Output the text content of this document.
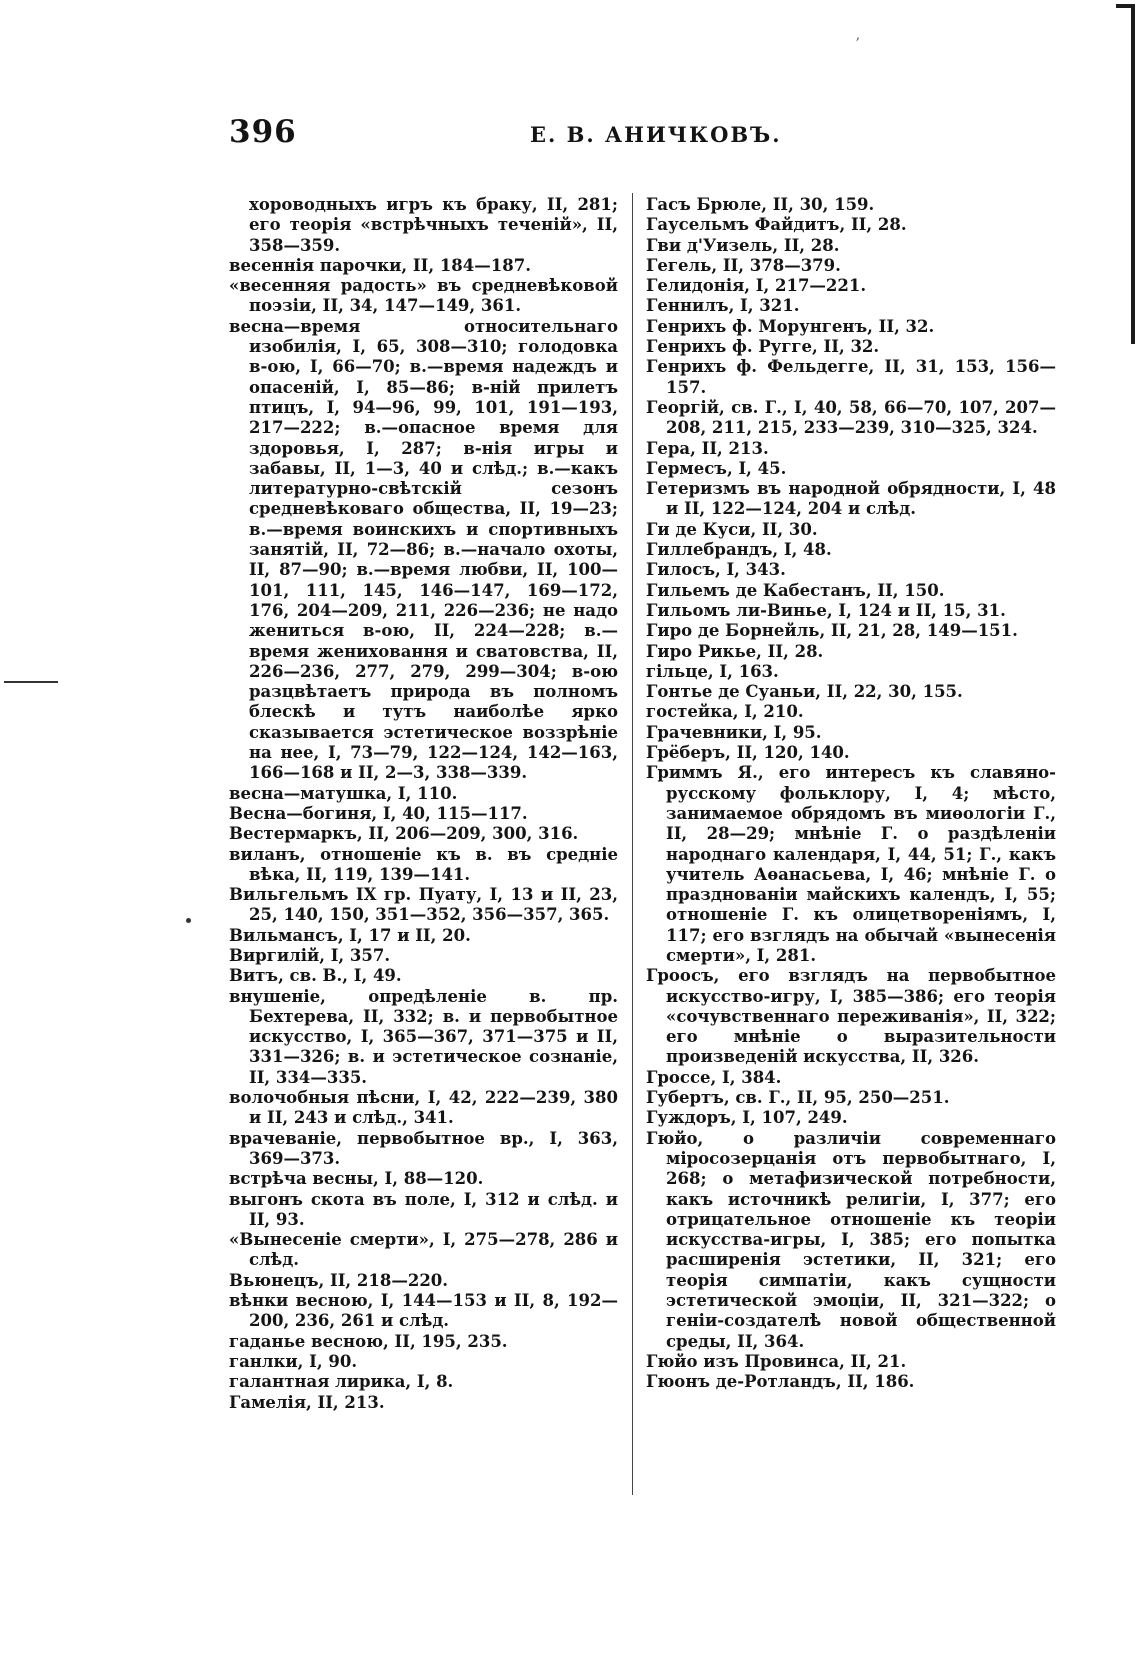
ʼ
396	Е. В. АНИЧКОВЪ.

хороводныхъ игръ къ браку, II, 281; его теорія «встрѣчныхъ теченій», II, 358—359.

весеннія парочки, II, 184—187.

«весенняя радость» въ средневѣковой поэзіи, II, 34, 147—149, 361.

весна—время относительнаго изобилія, I, 65, 308—310; голодовка в-ою, I, 66—70; в.—время надеждъ и опасеній, I, 85—86; в-ній прилетъ птицъ, I, 94—96, 99, 101, 191—193, 217—222; в.—опасное время для здоровья, I, 287; в-нія игры и забавы, II, 1—3, 40 и слѣд.; в.—какъ литературно-свѣтскій сезонъ средневѣковаго общества, II, 19—23; в.—время воинскихъ и спортивныхъ занятій, II, 72—86; в.—начало охоты, II, 87—90; в.—время любви, II, 100—101, 111, 145, 146—147, 169—172, 176, 204—209, 211, 226—236; не надо жениться в-ою, II, 224—228; в.—время жениховання и сватовства, II, 226—236, 277, 279, 299—304; в-ою разцвѣтаетъ природа въ полномъ блескѣ и тутъ наиболѣе ярко сказывается эстетическое воззрѣніе на нее, I, 73—79, 122—124, 142—163, 166—168 и II, 2—3, 338—339.

весна—матушка, I, 110.

Весна—богиня, I, 40, 115—117.

Вестермаркъ, II, 206—209, 300, 316.

виланъ, отношеніе къ в. въ средніе вѣка, II, 119, 139—141.

Вильгельмъ IX гр. Пуату, I, 13 и II, 23, 25, 140, 150, 351—352, 356—357, 365.

Вильмансъ, I, 17 и II, 20.

Виргилій, I, 357.

Витъ, св. В., I, 49.

внушеніе, опредѣленіе в. пр. Бехтерева, II, 332; в. и первобытное искусство, I, 365—367, 371—375 и II, 331—326; в. и эстетическое сознаніе, II, 334—335.

волочобныя пѣсни, I, 42, 222—239, 380 и II, 243 и слѣд., 341.

врачеваніе, первобытное вр., I, 363, 369—373.

встрѣча весны, I, 88—120.

выгонъ скота въ поле, I, 312 и слѣд. и II, 93.

«Вынесеніе смерти», I, 275—278, 286 и слѣд.

Вьюнецъ, II, 218—220.

вѣнки весною, I, 144—153 и II, 8, 192—200, 236, 261 и слѣд.

гаданье весною, II, 195, 235.

ганлки, I, 90.

галантная лирика, I, 8.

Гамелія, II, 213.

Гасъ Брюле, II, 30, 159.

Гаусельмъ Файдитъ, II, 28.

Гви д'Уизель, II, 28.

Гегель, II, 378—379.

Гелидонія, I, 217—221.

Геннилъ, I, 321.

Генрихъ ф. Морунгенъ, II, 32.

Генрихъ ф. Ругге, II, 32.

Генрихъ ф. Фельдегге, II, 31, 153, 156—157.

Георгій, св. Г., I, 40, 58, 66—70, 107, 207—208, 211, 215, 233—239, 310—325, 324.

Гера, II, 213.

Гермесъ, I, 45.

Гетеризмъ въ народной обрядности, I, 48 и II, 122—124, 204 и слѣд.

Ги де Куси, II, 30.

Гиллебрандъ, I, 48.

Гилосъ, I, 343.

Гильемъ де Кабестанъ, II, 150.

Гильомъ ли-Винье, I, 124 и II, 15, 31.

Гиро де Борнейль, II, 21, 28, 149—151.

Гиро Рикье, II, 28.

гільце, I, 163.

Гонтье де Суаньи, II, 22, 30, 155.

гостейка, I, 210.

Грачевники, I, 95.

Грёберъ, II, 120, 140.

Гриммъ Я., его интересъ къ славяно-русскому фольклору, I, 4; мѣсто, занимаемое обрядомъ въ миѳологіи Г., II, 28—29; мнѣніе Г. о раздѣленіи народнаго календаря, I, 44, 51; Г., какъ учитель Аѳанасьева, I, 46; мнѣніе Г. о празднованіи майскихъ календъ, I, 55; отношеніе Г. къ олицетвореніямъ, I, 117; его взглядъ на обычай «вынесенія смерти», I, 281.

Гроосъ, его взглядъ на первобытное искусство-игру, I, 385—386; его теорія «сочувственнаго переживанія», II, 322; его мнѣніе о выразительности произведеній искусства, II, 326.

Гроссе, I, 384.

Губертъ, св. Г., II, 95, 250—251.

Гуждоръ, I, 107, 249.

Гюйо, о различіи современнаго міросозерцанія отъ первобытнаго, I, 268; о метафизической потребности, какъ источникѣ религіи, I, 377; его отрицательное отношеніе къ теоріи искусства-игры, I, 385; его попытка расширенія эстетики, II, 321; его теорія симпатіи, какъ сущности эстетической эмоціи, II, 321—322; о геніи-создателѣ новой общественной среды, II, 364.

Гюйо изъ Провинса, II, 21.

Гюонъ де-Ротландъ, II, 186.
